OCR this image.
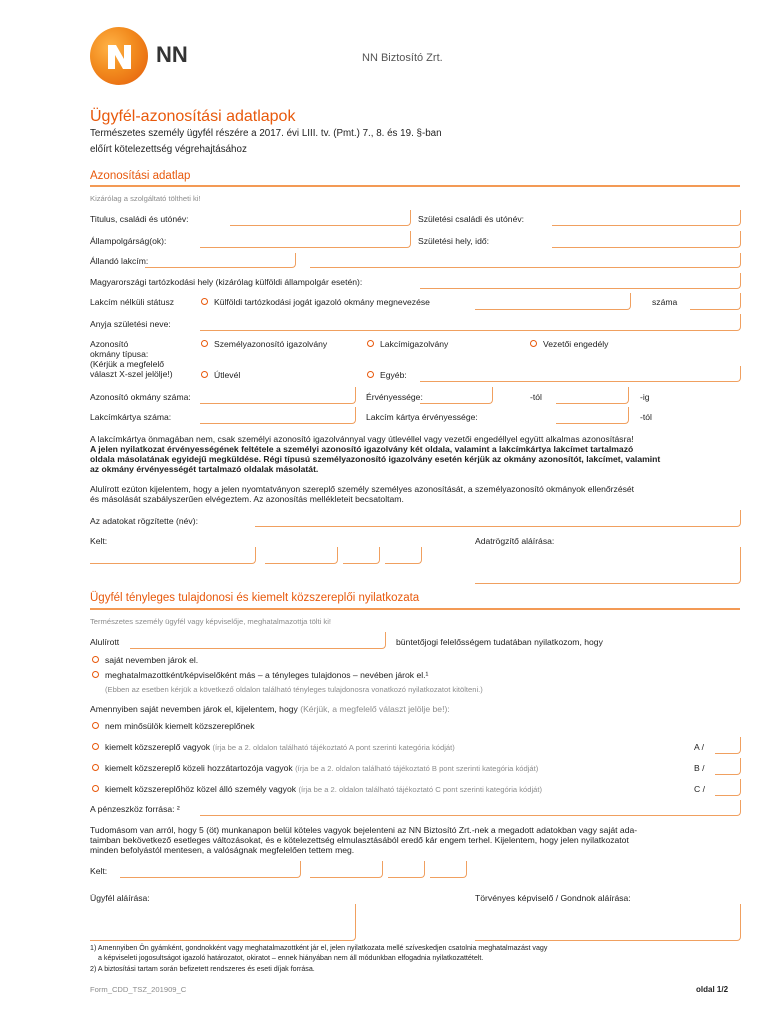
NN	NN Biztosító Zrt.
Ügyfél-azonosítási adatlapok
Természetes személy ügyfél részére a 2017. évi LIII. tv. (Pmt.) 7., 8. és 19. §-ban
előírt kötelezettség végrehajtásához
Azonosítási adatlap
Kizárólag a szolgáltató töltheti ki!
Titulus, családi és utónév:	Születési családi és utónév:
Állampolgárság(ok):	Születési hely, idő:
Állandó lakcím:
Magyarországi tartózkodási hely (kizárólag külföldi állampolgár esetén):
Lakcím nélküli státusz	Külföldi tartózkodási jogát igazoló okmány megnevezése	száma
Anyja születési neve:
Azonosító okmány típusa:
(Kérjük a megfelelő
választ X-szel jelölje!)
Személyazonosító igazolvány	Lakcímigazolvány	Vezetői engedély
Útlevél	Egyéb:
Azonosító okmány száma:	Érvényessége:	-tól	-ig
Lakcímkártya száma:	Lakcím kártya érvényessége:	-tól
A lakcímkártya önmagában nem, csak személyi azonosító igazolvánnyal vagy útlevéllel vagy vezetői engedéllyel együtt alkalmas azonosításra!
A jelen nyilatkozat érvényességének feltétele a személyi azonosító igazolvány két oldala, valamint a lakcímkártya lakcímet tartalmazó
oldala másolatának egyidejű megküldése. Régi típusú személyazonosító igazolvány esetén kérjük az okmány azonosítót, lakcímet, valamint
az okmány érvényességét tartalmazó oldalak másolatát.
Alulírott ezúton kijelentem, hogy a jelen nyomtatványon szereplő személy személyes azonosítását, a személyazonosító okmányok ellenőrzését
és másolását szabályszerűen elvégeztem. Az azonosítás mellékleteit becsatoltam.
Az adatokat rögzítette (név):
Kelt:	Adatrögzítő aláírása:
Ügyfél tényleges tulajdonosi és kiemelt közszereplői nyilatkozata
Természetes személy ügyfél vagy képviselője, meghatalmazottja tölti ki!
Alulírott	büntetőjogi felelősségem tudatában nyilatkozom, hogy
saját nevemben járok el.
meghatalmazottként/képviselőként más – a tényleges tulajdonos – nevében járok el.¹
(Ebben az esetben kérjük a következő oldalon található tényleges tulajdonosra vonatkozó nyilatkozatot kitölteni.)
Amennyiben saját nevemben járok el, kijelentem, hogy (Kérjük, a megfelelő választ jelölje be!):
nem minősülök kiemelt közszereplőnek
kiemelt közszereplő vagyok (írja be a 2. oldalon található tájékoztató A pont szerinti kategória kódját)	A /
kiemelt közszereplő közeli hozzátartozója vagyok (írja be a 2. oldalon található tájékoztató B pont szerinti kategória kódját)	B /
kiemelt közszereplőhöz közel álló személy vagyok (írja be a 2. oldalon található tájékoztató C pont szerinti kategória kódját)	C /
A pénzeszköz forrása: ²
Tudomásom van arról, hogy 5 (öt) munkanapon belül köteles vagyok bejelenteni az NN Biztosító Zrt.-nek a megadott adatokban vagy saját ada-
taimban bekövetkező esetleges változásokat, és e kötelezettség elmulasztásából eredő kár engem terhel. Kijelentem, hogy jelen nyilatkozatot
minden befolyástól mentesen, a valóságnak megfelelően tettem meg.
Kelt:
Ügyfél aláírása:	Törvényes képviselő / Gondnok aláírása:
1) Amennyiben Ön gyámként, gondnokként vagy meghatalmazottként jár el, jelen nyilatkozata mellé szíveskedjen csatolnia meghatalmazást vagy
a képviseleti jogosultságot igazoló határozatot, okiratot – ennek hiányában nem áll módunkban elfogadnia nyilatkozattételt.
2) A biztosítási tartam során befizetett rendszeres és eseti díjak forrása.
Form_CDD_TSZ_201909_C	oldal 1/2
